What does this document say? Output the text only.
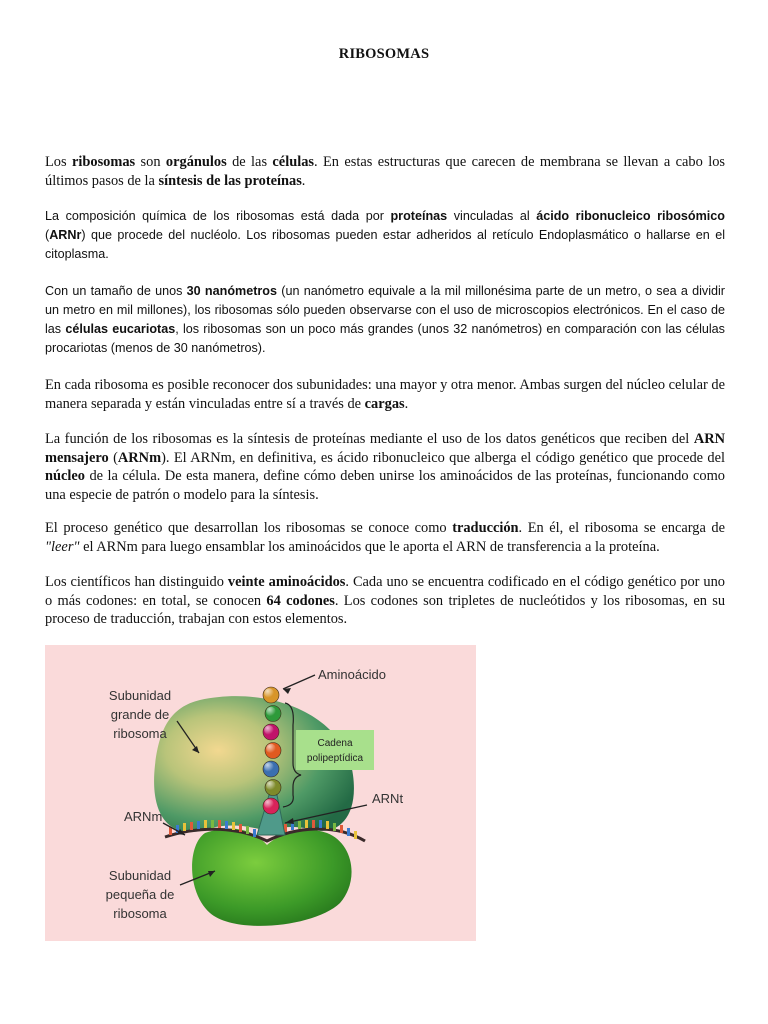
RIBOSOMAS

Los ribosomas son orgánulos de las células. En estas estructuras que carecen de membrana se llevan a cabo los últimos pasos de la síntesis de las proteínas.

La composición química de los ribosomas está dada por proteínas vinculadas al ácido ribonucleico ribosómico (ARNr) que procede del nucléolo. Los ribosomas pueden estar adheridos al retículo Endoplasmático o hallarse en el citoplasma.

Con un tamaño de unos 30 nanómetros (un nanómetro equivale a la mil millonésima parte de un metro, o sea a dividir un metro en mil millones), los ribosomas sólo pueden observarse con el uso de microscopios electrónicos. En el caso de las células eucariotas, los ribosomas son un poco más grandes (unos 32 nanómetros) en comparación con las células procariotas (menos de 30 nanómetros).

En cada ribosoma es posible reconocer dos subunidades: una mayor y otra menor. Ambas surgen del núcleo celular de manera separada y están vinculadas entre sí a través de cargas.

La función de los ribosomas es la síntesis de proteínas mediante el uso de los datos genéticos que reciben del ARN mensajero (ARNm). El ARNm, en definitiva, es ácido ribonucleico que alberga el código genético que procede del núcleo de la célula. De esta manera, define cómo deben unirse los aminoácidos de las proteínas, funcionando como una especie de patrón o modelo para la síntesis.

El proceso genético que desarrollan los ribosomas se conoce como traducción. En él, el ribosoma se encarga de "leer" el ARNm para luego ensamblar los aminoácidos que le aporta el ARN de transferencia a la proteína.

Los científicos han distinguido veinte aminoácidos. Cada uno se encuentra codificado en el código genético por uno o más codones: en total, se conocen 64 codones. Los codones son tripletes de nucleótidos y los ribosomas, en su proceso de traducción, trabajan con estos elementos.

Cadena
polipeptídica
Aminoácido
Subunidad
grande de
ribosoma
ARNt
ARNm
Subunidad
pequeña de
ribosoma
